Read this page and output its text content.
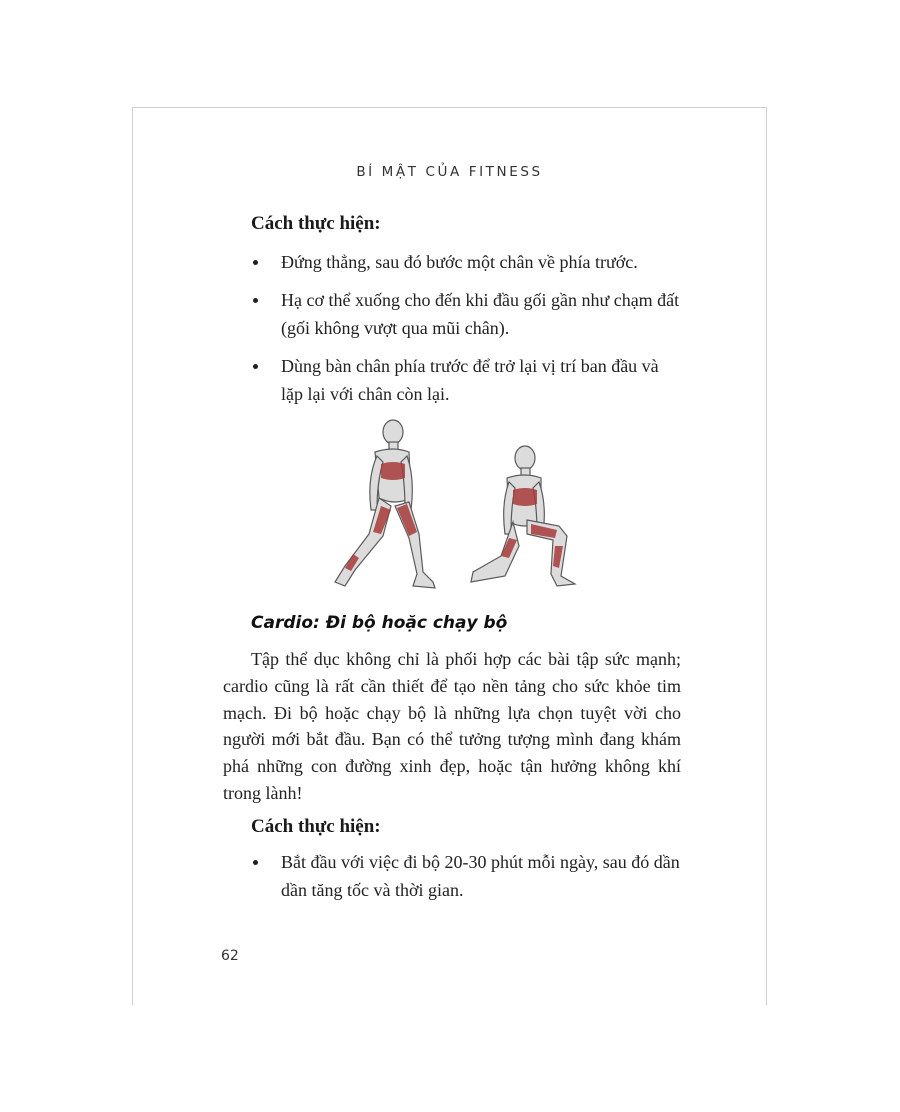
BÍ MẬT CỦA FITNESS
Cách thực hiện:
Đứng thẳng, sau đó bước một chân về phía trước.
Hạ cơ thể xuống cho đến khi đầu gối gần như chạm đất (gối không vượt qua mũi chân).
Dùng bàn chân phía trước để trở lại vị trí ban đầu và lặp lại với chân còn lại.
Cardio: Đi bộ hoặc chạy bộ

Tập thể dục không chỉ là phối hợp các bài tập sức mạnh; cardio cũng là rất cần thiết để tạo nền tảng cho sức khỏe tim mạch. Đi bộ hoặc chạy bộ là những lựa chọn tuyệt vời cho người mới bắt đầu. Bạn có thể tưởng tượng mình đang khám phá những con đường xinh đẹp, hoặc tận hưởng không khí trong lành!

Cách thực hiện:
Bắt đầu với việc đi bộ 20-30 phút mỗi ngày, sau đó dần dần tăng tốc và thời gian.
62
